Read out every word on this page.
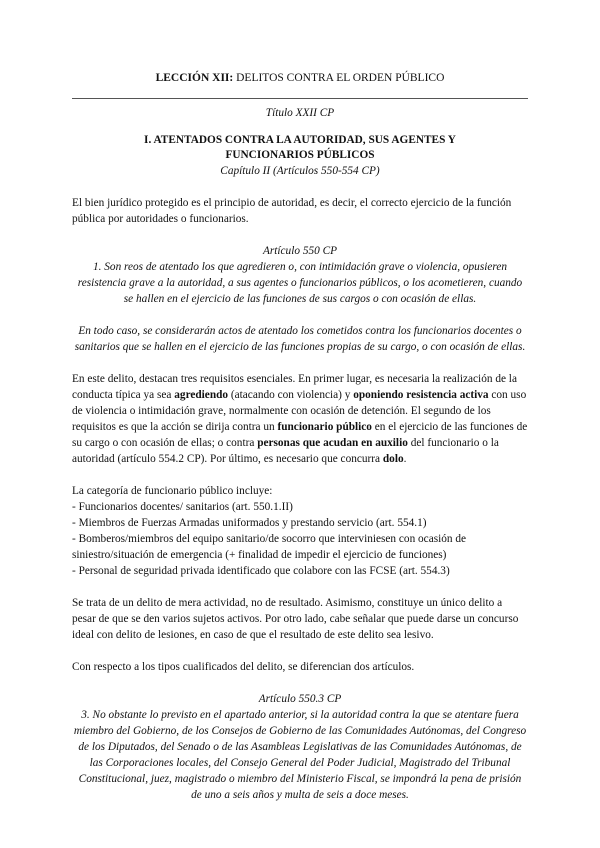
LECCIÓN XII: DELITOS CONTRA EL ORDEN PÚBLICO

Título XXII CP

I. ATENTADOS CONTRA LA AUTORIDAD, SUS AGENTES Y FUNCIONARIOS PÚBLICOS

Capítulo II (Artículos 550-554 CP)

El bien jurídico protegido es el principio de autoridad, es decir, el correcto ejercicio de la función pública por autoridades o funcionarios.

Artículo 550 CP

1. Son reos de atentado los que agredieren o, con intimidación grave o violencia, opusieren resistencia grave a la autoridad, a sus agentes o funcionarios públicos, o los acometieren, cuando se hallen en el ejercicio de las funciones de sus cargos o con ocasión de ellas.

En todo caso, se considerarán actos de atentado los cometidos contra los funcionarios docentes o sanitarios que se hallen en el ejercicio de las funciones propias de su cargo, o con ocasión de ellas.

En este delito, destacan tres requisitos esenciales. En primer lugar, es necesaria la realización de la conducta típica ya sea agrediendo (atacando con violencia) y oponiendo resistencia activa con uso de violencia o intimidación grave, normalmente con ocasión de detención. El segundo de los requisitos es que la acción se dirija contra un funcionario público en el ejercicio de las funciones de su cargo o con ocasión de ellas; o contra personas que acudan en auxilio del funcionario o la autoridad (artículo 554.2 CP). Por último, es necesario que concurra dolo.

La categoría de funcionario público incluye:

- Funcionarios docentes/ sanitarios (art. 550.1.II)
- Miembros de Fuerzas Armadas uniformados y prestando servicio (art. 554.1)
- Bomberos/miembros del equipo sanitario/de socorro que interviniesen con ocasión de siniestro/situación de emergencia (+ finalidad de impedir el ejercicio de funciones)
- Personal de seguridad privada identificado que colabore con las FCSE (art. 554.3)

Se trata de un delito de mera actividad, no de resultado. Asimismo, constituye un único delito a pesar de que se den varios sujetos activos. Por otro lado, cabe señalar que puede darse un concurso ideal con delito de lesiones, en caso de que el resultado de este delito sea lesivo.

Con respecto a los tipos cualificados del delito, se diferencian dos artículos.

Artículo 550.3 CP

3. No obstante lo previsto en el apartado anterior, si la autoridad contra la que se atentare fuera miembro del Gobierno, de los Consejos de Gobierno de las Comunidades Autónomas, del Congreso de los Diputados, del Senado o de las Asambleas Legislativas de las Comunidades Autónomas, de las Corporaciones locales, del Consejo General del Poder Judicial, Magistrado del Tribunal Constitucional, juez, magistrado o miembro del Ministerio Fiscal, se impondrá la pena de prisión de uno a seis años y multa de seis a doce meses.
